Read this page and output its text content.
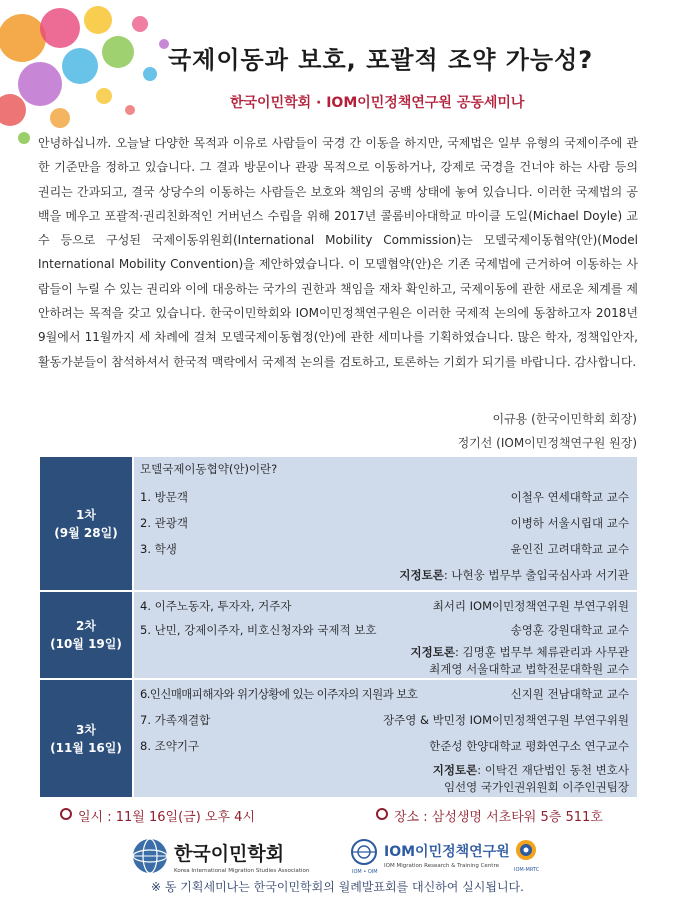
국제이동과 보호, 포괄적 조약 가능성?
한국이민학회 · IOM이민정책연구원 공동세미나
안녕하십니까. 오늘날 다양한 목적과 이유로 사람들이 국경 간 이동을 하지만, 국제법은 일부 유형의 국제이주에 관한 기준만을 정하고 있습니다. 그 결과 방문이나 관광 목적으로 이동하거나, 강제로 국경을 건너야 하는 사람 등의 권리는 간과되고, 결국 상당수의 이동하는 사람들은 보호와 책임의 공백 상태에 놓여 있습니다. 이러한 국제법의 공백을 메우고 포괄적·권리친화적인 거버넌스 수립을 위해 2017년 콜롬비아대학교 마이클 도일(Michael Doyle) 교수 등으로 구성된 국제이동위원회(International Mobility Commission)는 모델국제이동협약(안)(Model International Mobility Convention)을 제안하였습니다. 이 모델협약(안)은 기존 국제법에 근거하여 이동하는 사람들이 누릴 수 있는 권리와 이에 대응하는 국가의 권한과 책임을 재차 확인하고, 국제이동에 관한 새로운 체계를 제안하려는 목적을 갖고 있습니다. 한국이민학회와 IOM이민정책연구원은 이러한 국제적 논의에 동참하고자 2018년 9월에서 11월까지 세 차례에 걸쳐 모델국제이동협정(안)에 관한 세미나를 기획하였습니다. 많은 학자, 정책입안자, 활동가분들이 참석하셔서 한국적 맥락에서 국제적 논의를 검토하고, 토론하는 기회가 되기를 바랍니다. 감사합니다.
이규용 (한국이민학회 회장)
정기선 (IOM이민정책연구원 원장)
1차
(9월 28일)
모델국제이동협약(안)이란?
1. 방문객	이철우 연세대학교 교수
2. 관광객	이병하 서울시립대 교수
3. 학생	윤인진 고려대학교 교수
지정토론: 나현웅 법무부 출입국심사과 서기관
2차
(10월 19일)
4. 이주노동자, 투자자, 거주자	최서리 IOM이민정책연구원 부연구위원
5. 난민, 강제이주자, 비호신청자와 국제적 보호	송영훈 강원대학교 교수
지정토론: 김명훈 법무부 체류관리과 사무관
최계영 서울대학교 법학전문대학원 교수
3차
(11월 16일)
6.인신매매피해자와 위기상황에 있는 이주자의 지원과 보호	신지원 전남대학교 교수
7. 가족재결합	장주영 & 박민정 IOM이민정책연구원 부연구위원
8. 조약기구	한준성 한양대학교 평화연구소 연구교수
지정토론: 이탁건 재단법인 동천 변호사
임선영 국가인권위원회 이주인권팀장
일시 : 11월 16일(금) 오후 4시	장소 : 삼성생명 서초타워 5층 511호
한국이민학회
Korea International Migration Studies Association	IOM • OIM
IOM이민정책연구원
IOM Migration Research & Training Centre
IOM-MRTC
※ 동 기획세미나는 한국이민학회의 월례발표회를 대신하여 실시됩니다.
